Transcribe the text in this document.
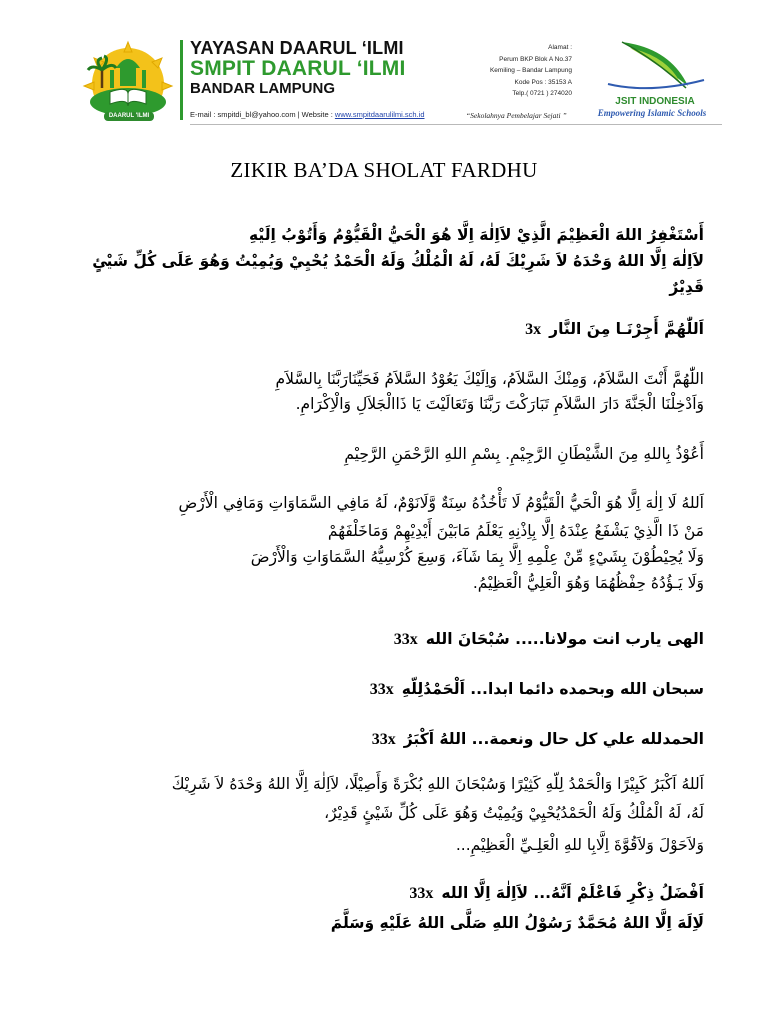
DAARUL 'ILMI
YAYASAN DAARUL ‘ILMI
SMPIT DAARUL ‘ILMI
BANDAR LAMPUNG
E-mail : smpitdi_bl@yahoo.com | Website : www.smpitdaarulilmi.sch.id	“Sekolahnya Pembelajar Sejati ”
Alamat :
Perum BKP Blok A No.37
Kemiling – Bandar Lampung
Kode Pos : 35153 A
Telp.( 0721 ) 274020
JSIT INDONESIA
Empowering Islamic Schools
ZIKIR BA’DA SHOLAT FARDHU
أَسْتَغْفِرُ اللهَ الْعَظِيْمَ الَّذِيْ لاَاِلٰهَ اِلَّا هُوَ الْحَيُّ الْقَيُّوْمُ وَأَتُوْبُ اِلَيْهِ
لاَاِلٰهَ اِلَّا اللهُ وَحْدَهُ لاَ شَرِيْكَ لَهُ، لَهُ الْمُلْكُ وَلَهُ الْحَمْدُ يُحْيِيْ وَيُمِيْتُ وَهُوَ عَلَى كُلِّ شَيْئٍ
قَدِيْرٌ
اَللّٰهُمَّ أَجِرْنَـا مِنَ النَّار
3x
اللّٰهُمَّ أَنْتَ السَّلاَمُ، وَمِنْكَ السَّلاَمُ، وَاِلَيْكَ يَعُوْدُ السَّلاَمُ فَحَيِّنَارَبَّنَا بِالسَّلاَمِ
وَاَدْخِلْنَا الْجَنَّةَ دَارَ السَّلاَمِ تَبَارَكْتَ رَبَّنَا وَتَعَالَيْتَ يَا ذَاالْجَلاَلِ وَالْاِكْرَامِ.
أَعُوْذُ بِاللهِ مِنَ الشَّيْطَانِ الرَّجِيْمِ. بِسْمِ اللهِ الرَّحْمَنِ الرَّحِيْمِ
اَللهُ لَا اِلٰهَ اِلَّا هُوَ الْحَيُّ الْقَيُّوْمُ لَا تَأْخُذُهُ سِنَةٌ وَّلَانَوْمٌ، لَهُ مَافِي السَّمَاوَاتِ وَمَافِي الْأَرْضِ
مَنْ ذَا الَّذِيْ يَشْفَعُ عِنْدَهُ اِلَّا بِاِذْنِهِ يَعْلَمُ مَابَيْنَ أَيْدِيْهِمْ وَمَاخَلْفَهُمْ
وَلَا يُحِيْطُوْنَ بِشَيْءٍ مِّنْ عِلْمِهِ اِلَّا بِمَا شَآءَ، وَسِعَ كُرْسِيُّهُ السَّمَاوَاتِ وَالْأَرْضَ
وَلَا يَـؤُدُهُ حِفْظُهُمَا وَهُوَ الْعَلِيُّ الْعَظِيْمُ.
الهى يارب انت مولانا..... سُبْحَانَ الله
33x
سبحان الله وبحمده دائما ابدا... اَلْحَمْدُلِلّهِ
33x
الحمدلله علي كل حال ونعمة... اللهُ اَكْبَرُ
33x
اَللهُ اَكْبَرُ كَبِيْرًا وَالْحَمْدُ لِلّهِ كَثِيْرًا وَسُبْحَانَ اللهِ بُكْرَةً وَأَصِيْلًا، لاَاِلٰهَ اِلَّا اللهُ وَحْدَهُ لاَ شَرِيْكَ
لَهُ، لَهُ الْمُلْكُ وَلَهُ الْحَمْدُيُحْيِيْ وَيُمِيْتُ وَهُوَ عَلَى كُلِّ شَيْئٍ قَدِيْرٌ،
وَلاَحَوْلَ وَلاَقُوَّةَ اِلَّابِا للهِ الْعَلِـيِّ الْعَظِيْمِ...
اَفْضَلُ ذِكْرِ فَاعْلَمْ اَنَّهُ... لاَاِلٰهَ اِلَّا الله
33x
لَاِلَهَ اِلَّا اللهُ مُحَمَّدٌ رَسُوْلُ اللهِ صَلَّى اللهُ عَلَيْهِ وَسَلَّمَ
